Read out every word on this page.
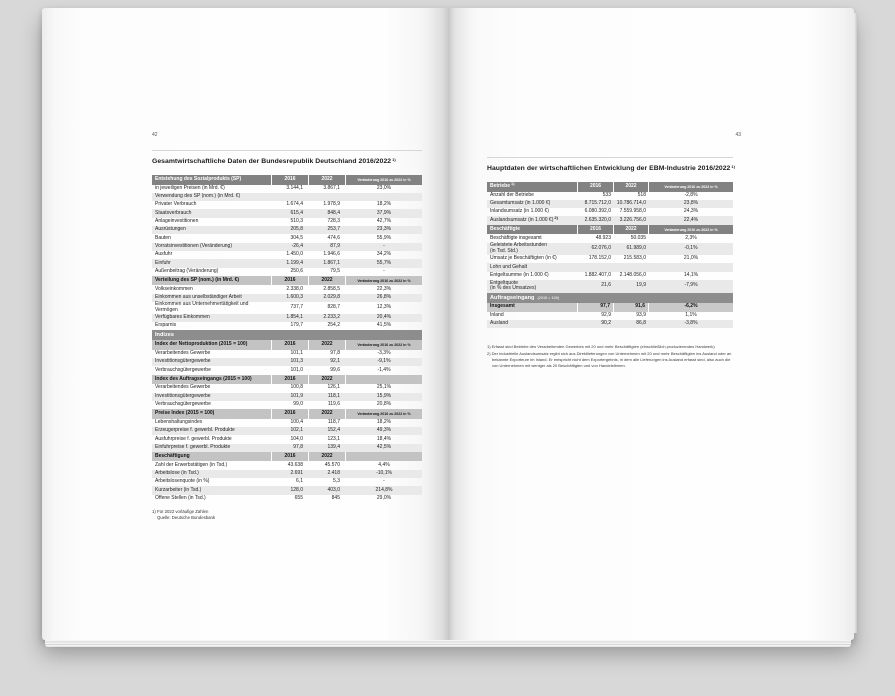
42
Gesamtwirtschaftliche Daten der Bundesrepublik Deutschland 2016/2022$^{1)}$
Entstehung des Sozialprodukts (SP)	2016	2022	Veränderung 2016 zu 2022 in %
in jeweiligen Preisen (in Mrd. €)	3.144,1	3.867,1	23,0%
Verwendung des SP (nom.) (in Mrd. €)
Privater Verbrauch	1.674,4	1.978,9	18,2%
Staatsverbrauch	615,4	848,4	37,9%
Anlageinvestitionen	510,3	728,3	42,7%
Ausrüstungen	205,8	253,7	23,3%
Bauten	304,5	474,6	55,9%
Vorratsinvestitionen (Veränderung)	-26,4	87,9	-
Ausfuhr	1.450,0	1.946,6	34,2%
Einfuhr	1.199,4	1.867,1	55,7%
Außenbeitrag (Veränderung)	250,6	79,5	-
Verteilung des SP (nom.) (in Mrd. €)	2016	2022	Veränderung 2016 zu 2022 in %
Volkseinkommen	2.338,0	2.858,5	22,3%
Einkommen aus unselbständiger Arbeit	1.600,3	2.029,8	26,8%
Einkommen aus Unternehmertätigkeit und Vermögen	737,7	828,7	12,3%
Verfügbares Einkommen	1.854,1	2.233,2	20,4%
Ersparnis	179,7	254,2	41,5%
Indizes
Index der Nettoproduktion (2015 = 100)	2016	2022	Veränderung 2016 zu 2022 in %
Verarbeitendes Gewerbe	101,1	97,8	-3,3%
Investitionsgütergewerbe	101,3	92,1	-9,1%
Verbrauchsgütergewerbe	101,0	99,6	-1,4%
Index des Auftragseingangs (2015 = 100)	2016	2022
Verarbeitendes Gewerbe	100,8	126,1	25,1%
Investitionsgütergewerbe	101,9	118,1	15,9%
Verbrauchsgütergewerbe	99,0	119,6	20,8%
Preise Index (2015 = 100)	2016	2022	Veränderung 2016 zu 2022 in %
Lebenshaltungsindex	100,4	118,7	18,2%
Erzeugerpreise f. gewerbl. Produkte	102,1	152,4	49,3%
Ausfuhrpreise f. gewerbl. Produkte	104,0	123,1	18,4%
Einfuhrpreise f. gewerbl. Produkte	97,8	139,4	42,5%
Beschäftigung	2016	2022
Zahl der Erwerbstätigen (in Tsd.)	43.638	45.570	4,4%
Arbeitslose (in Tsd.)	2.691	2.418	-10,1%
Arbeitslosenquote (in %)	6,1	5,3	-
Kurzarbeiter (in Tsd.)	128,0	403,0	214,8%
Offene Stellen (in Tsd.)	655	845	29,0%
1) Für 2022 vorläufige Zahlen
Quelle: Deutsche Bundesbank
43
Hauptdaten der wirtschaftlichen Entwicklung der EBM-Industrie 2016/2022$^{1)}$
Betriebe$^{1)}$	2016	2022	Veränderung 2016 zu 2022 in %
Anzahl der Betriebe	533	518	-2,8%
Gesamtumsatz (in 1.000 €)	8.715.712,0	10.786.714,0	23,8%
Inlandsumsatz (in 1.000 €)	6.080.392,0	7.559.958,0	24,3%
Auslandsumsatz (in 1.000 €)$^{2)}$	2.635.320,0	3.226.756,0	22,4%
Beschäftigte	2016	2022	Veränderung 2016 zu 2022 in %
Beschäftigte insgesamt	48.923	50.035	2,3%
Geleistete Arbeitsstunden
(in Tsd. Std.)	62.076,0	61.989,0	-0,1%
Umsatz je Beschäftigten (in €)	178.152,0	215.583,0	21,0%
Lohn und Gehalt
Entgeltsumme (in 1.000 €)	1.882.407,0	2.148.056,0	14,1%
Entgeltquote
(in % des Umsatzes)	21,6	19,9	-7,9%
Auftragseingang (2015 = 100)
Insgesamt	97,7	91,6	-6,2%
Inland	92,9	93,9	1,1%
Ausland	90,2	86,8	-3,8%
1) Erfasst sind Betriebe des Verarbeitenden Gewerbes mit 20 und mehr Beschäftigten (einschließlich produzierendes Handwerk)
2) Der industrielle Auslandsumsatz ergibt sich aus Direktlieferungen von Unternehmen mit 20 und mehr Beschäftigten ins Ausland oder an bekannte Exporteure im Inland. Er entspricht nicht dem Exportergebnis, in dem alle Lieferungen ins Ausland erfasst sind, also auch die von Unternehmen mit weniger als 20 Beschäftigten und von Handelsfirmen.
